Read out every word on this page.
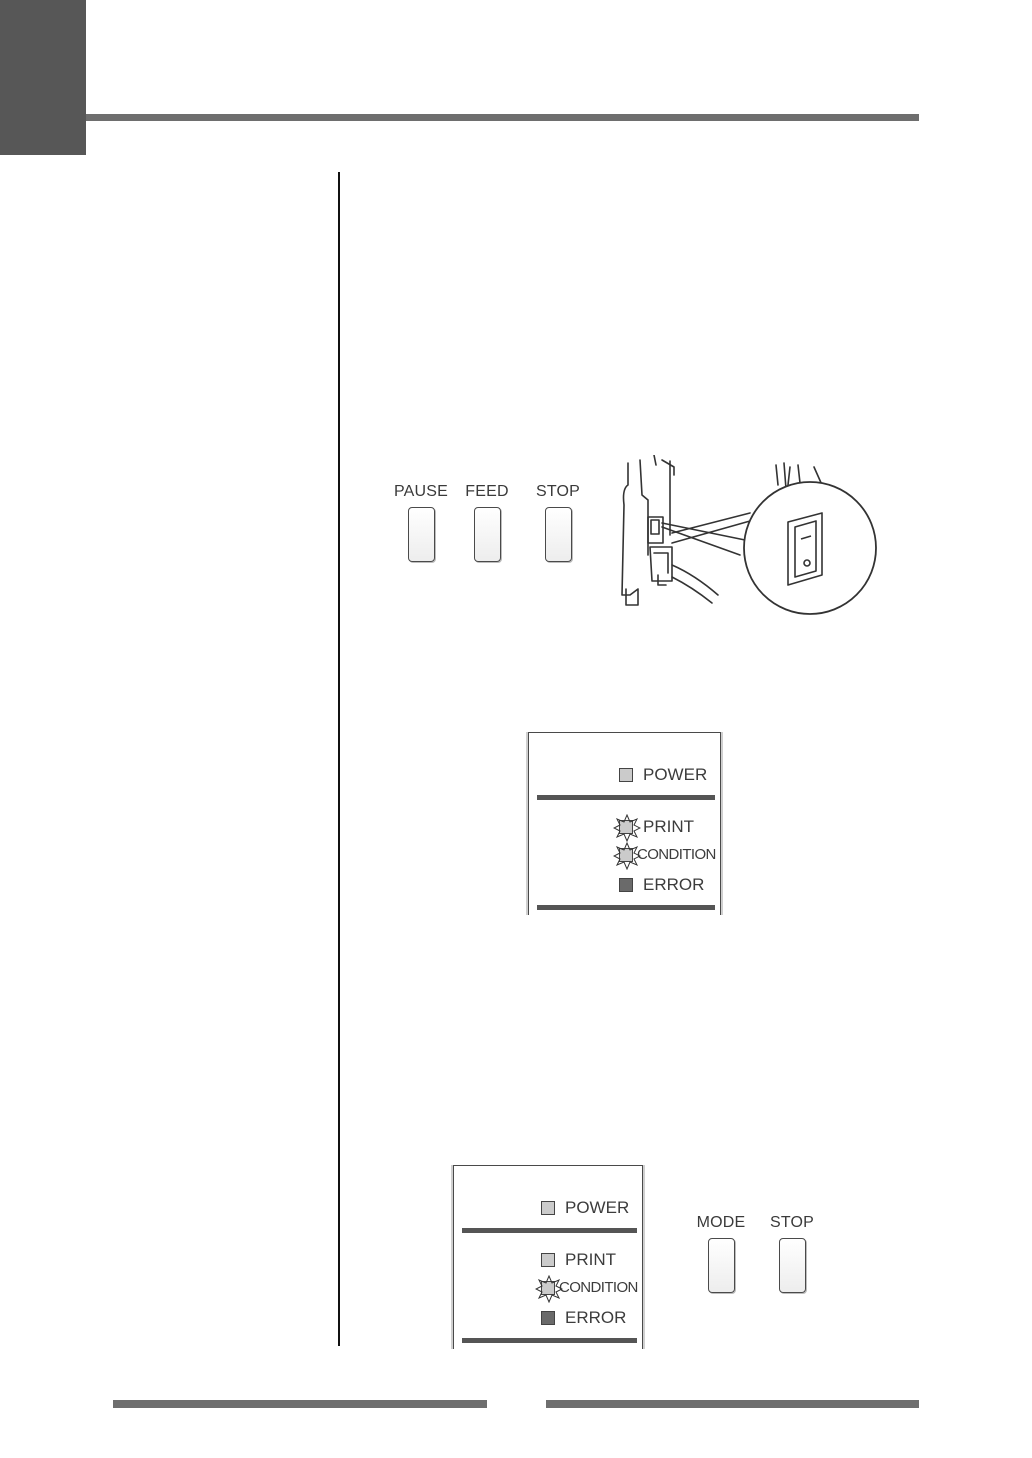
PAUSE	FEED	STOP
POWER
PRINT
CONDITION
ERROR
POWER
PRINT
CONDITION
ERROR
MODE	STOP
